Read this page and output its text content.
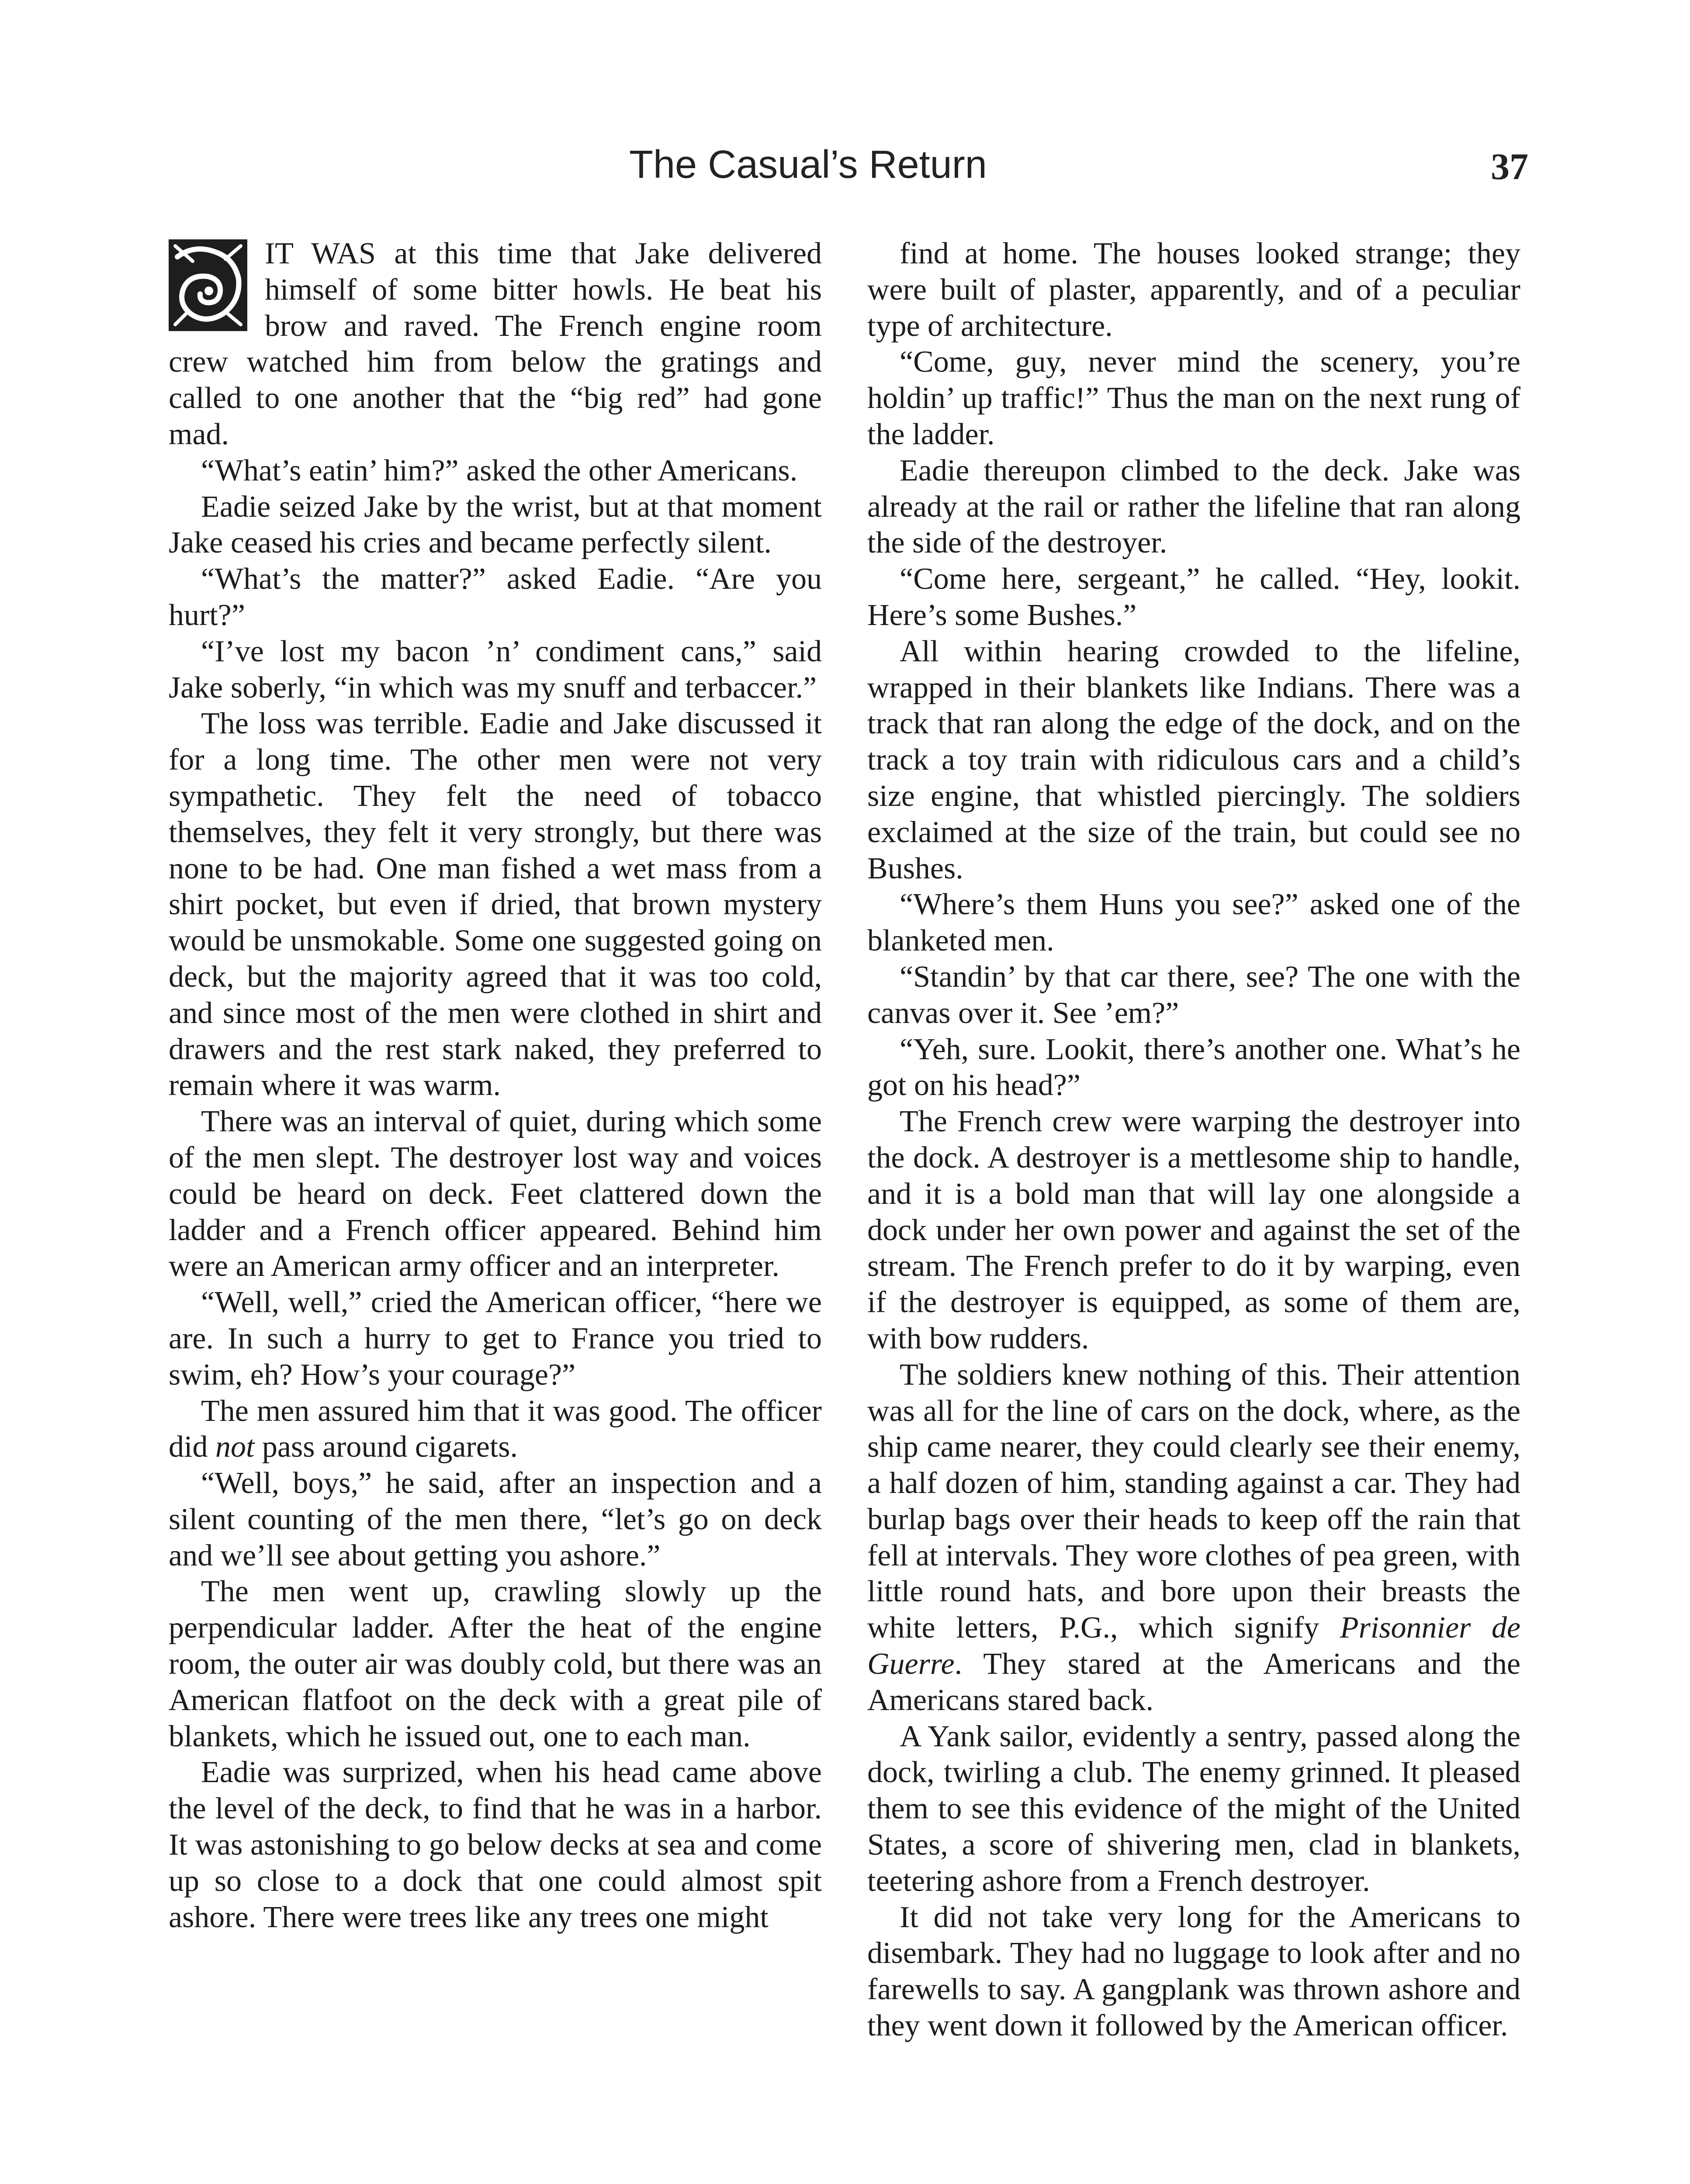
The Casual’s Return	37

IT WAS at this time that Jake delivered himself of some bitter howls. He beat his brow and raved. The French engine room crew watched him from below the gratings and called to one another that the “big red” had gone mad.

“What’s eatin’ him?” asked the other Americans.

Eadie seized Jake by the wrist, but at that moment Jake ceased his cries and became perfectly silent.

“What’s the matter?” asked Eadie. “Are you hurt?”

“I’ve lost my bacon ’n’ condiment cans,” said Jake soberly, “in which was my snuff and terbaccer.”

The loss was terrible. Eadie and Jake discussed it for a long time. The other men were not very sympathetic. They felt the need of tobacco themselves, they felt it very strongly, but there was none to be had. One man fished a wet mass from a shirt pocket, but even if dried, that brown mystery would be unsmokable. Some one suggested going on deck, but the majority agreed that it was too cold, and since most of the men were clothed in shirt and drawers and the rest stark naked, they preferred to remain where it was warm.

There was an interval of quiet, during which some of the men slept. The destroyer lost way and voices could be heard on deck. Feet clattered down the ladder and a French officer appeared. Behind him were an American army officer and an interpreter.

“Well, well,” cried the American officer, “here we are. In such a hurry to get to France you tried to swim, eh? How’s your courage?”

The men assured him that it was good. The officer did not pass around cigarets.

“Well, boys,” he said, after an inspection and a silent counting of the men there, “let’s go on deck and we’ll see about getting you ashore.”

The men went up, crawling slowly up the perpendicular ladder. After the heat of the engine room, the outer air was doubly cold, but there was an American flatfoot on the deck with a great pile of blankets, which he issued out, one to each man.

Eadie was surprized, when his head came above the level of the deck, to find that he was in a harbor. It was astonishing to go below decks at sea and come up so close to a dock that one could almost spit ashore. There were trees like any trees one might

find at home. The houses looked strange; they were built of plaster, apparently, and of a peculiar type of architecture.

“Come, guy, never mind the scenery, you’re holdin’ up traffic!” Thus the man on the next rung of the ladder.

Eadie thereupon climbed to the deck. Jake was already at the rail or rather the lifeline that ran along the side of the destroyer.

“Come here, sergeant,” he called. “Hey, lookit. Here’s some Bushes.”

All within hearing crowded to the lifeline, wrapped in their blankets like Indians. There was a track that ran along the edge of the dock, and on the track a toy train with ridiculous cars and a child’s size engine, that whistled piercingly. The soldiers exclaimed at the size of the train, but could see no Bushes.

“Where’s them Huns you see?” asked one of the blanketed men.

“Standin’ by that car there, see? The one with the canvas over it. See ’em?”

“Yeh, sure. Lookit, there’s another one. What’s he got on his head?”

The French crew were warping the destroyer into the dock. A destroyer is a mettlesome ship to handle, and it is a bold man that will lay one alongside a dock under her own power and against the set of the stream. The French prefer to do it by warping, even if the destroyer is equipped, as some of them are, with bow rudders.

The soldiers knew nothing of this. Their attention was all for the line of cars on the dock, where, as the ship came nearer, they could clearly see their enemy, a half dozen of him, standing against a car. They had burlap bags over their heads to keep off the rain that fell at intervals. They wore clothes of pea green, with little round hats, and bore upon their breasts the white letters, P.G., which signify Prisonnier de Guerre. They stared at the Americans and the Americans stared back.

A Yank sailor, evidently a sentry, passed along the dock, twirling a club. The enemy grinned. It pleased them to see this evidence of the might of the United States, a score of shivering men, clad in blankets, teetering ashore from a French destroyer.

It did not take very long for the Americans to disembark. They had no luggage to look after and no farewells to say. A gangplank was thrown ashore and they went down it followed by the American officer.
